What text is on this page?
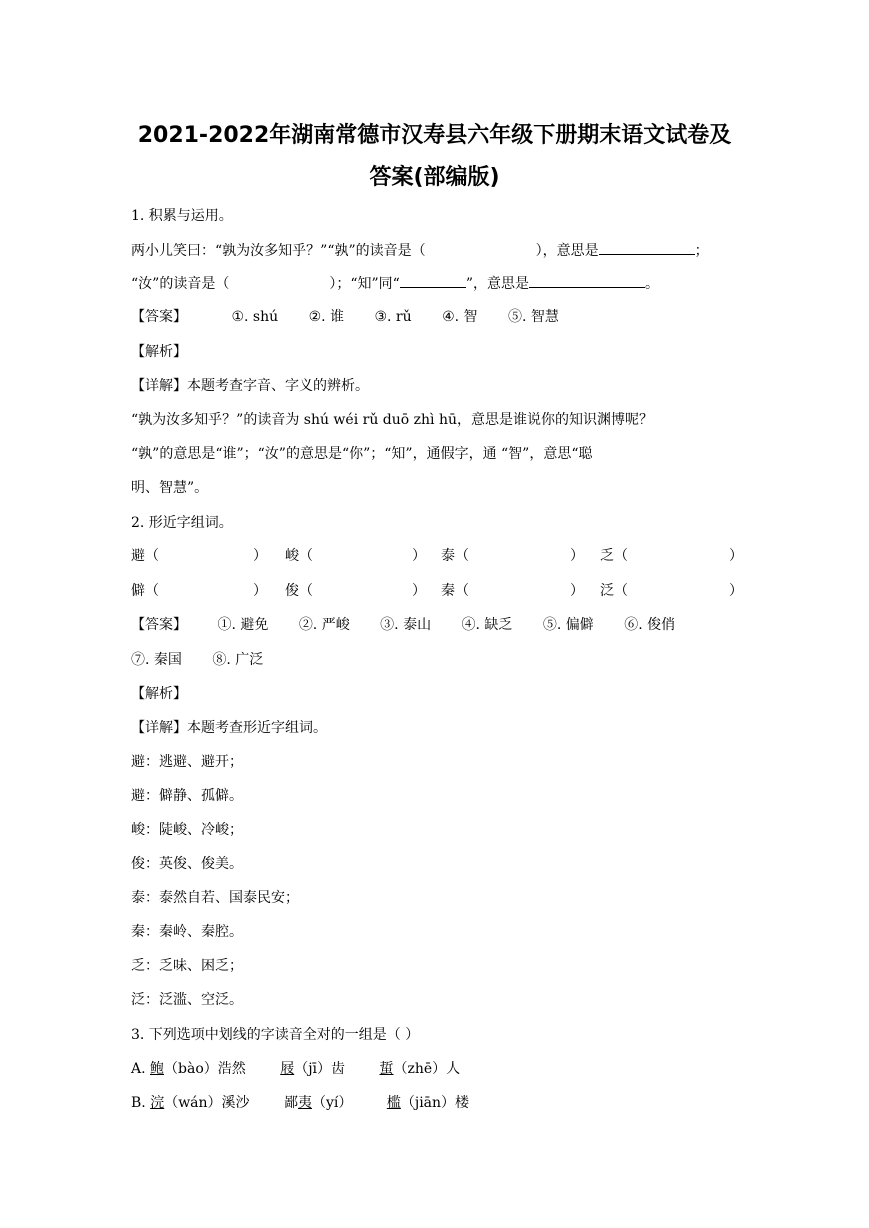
2021-2022年湖南常德市汉寿县六年级下册期末语文试卷及
答案(部编版)
1. 积累与运用。
两小儿笑曰：“孰为汝多知乎？”“孰”的读音是（	），意思是	；
“汝”的读音是（	）；“知”同“	”，意思是	。
【答案】	①. shú ②. 谁 ③. rǔ ④. 智 ⑤. 智慧
【解析】
【详解】本题考查字音、字义的辨析。
“孰为汝多知乎？”的读音为 shú wéi rǔ duō zhì hū，意思是谁说你的知识渊博呢？
“孰”的意思是“谁”；“汝”的意思是“你”；“知”，通假字，通 “智”，意思“聪
明、智慧”。
2. 形近字组词。
避（	） 峻（	） 泰（	） 乏（	）
僻（	） 俊（	） 秦（	） 泛（	）
【答案】 ①. 避免 ②. 严峻 ③. 泰山 ④. 缺乏 ⑤. 偏僻 ⑥. 俊俏
⑦. 秦国 ⑧. 广泛
【解析】
【详解】本题考查形近字组词。
避：逃避、避开；
避：僻静、孤僻。
峻：陡峻、冷峻；
俊：英俊、俊美。
泰：泰然自若、国泰民安；
秦：秦岭、秦腔。
乏：乏味、困乏；
泛：泛滥、空泛。
3. 下列选项中划线的字读音全对的一组是（ ）
A. 鲍（bào）浩然 屐（jī）齿 蜇（zhē）人
B. 浣（wán）溪沙 鄙夷（yí） 槛（jiān）楼
